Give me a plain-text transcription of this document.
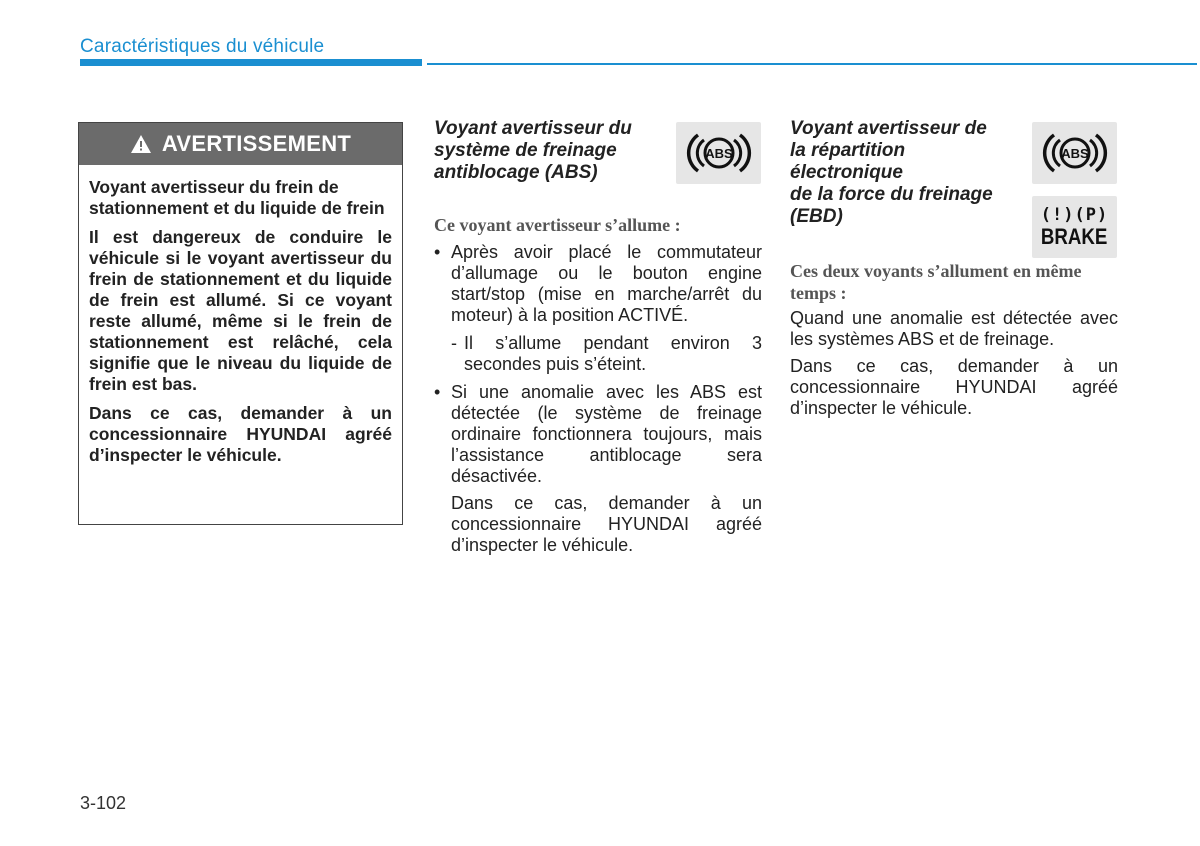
Caractéristiques du véhicule
AVERTISSEMENT

Voyant avertisseur du frein de stationnement et du liquide de frein

Il est dangereux de conduire le véhicule si le voyant avertisseur du frein de stationnement et du liquide de frein est allumé. Si ce voyant reste allumé, même si le frein de stationnement est relâché, cela signifie que le niveau du liquide de frein est bas.

Dans ce cas, demander à un concessionnaire HYUNDAI agréé d’inspecter le véhicule.

ABS
Voyant avertisseur du système de freinage antiblocage (ABS)
Ce voyant avertisseur s’allume :
• Après avoir placé le commutateur d’allumage ou le bouton engine start/stop (mise en marche/arrêt du moteur) à la position ACTIVÉ.
- Il s’allume pendant environ 3 secondes puis s’éteint.
• Si une anomalie avec les ABS est détectée (le système de freinage ordinaire fonctionnera toujours, mais l’assistance antiblocage sera désactivée.
Dans ce cas, demander à un concessionnaire HYUNDAI agréé d’inspecter le véhicule.
ABS
(!)(P)
BRAKE
Voyant avertisseur de
la répartition
électronique
de la force du freinage
(EBD)
Ces deux voyants s’allument en même temps :
Quand une anomalie est détectée avec les systèmes ABS et de freinage.
Dans ce cas, demander à un concessionnaire HYUNDAI agréé d’inspecter le véhicule.
3-102
